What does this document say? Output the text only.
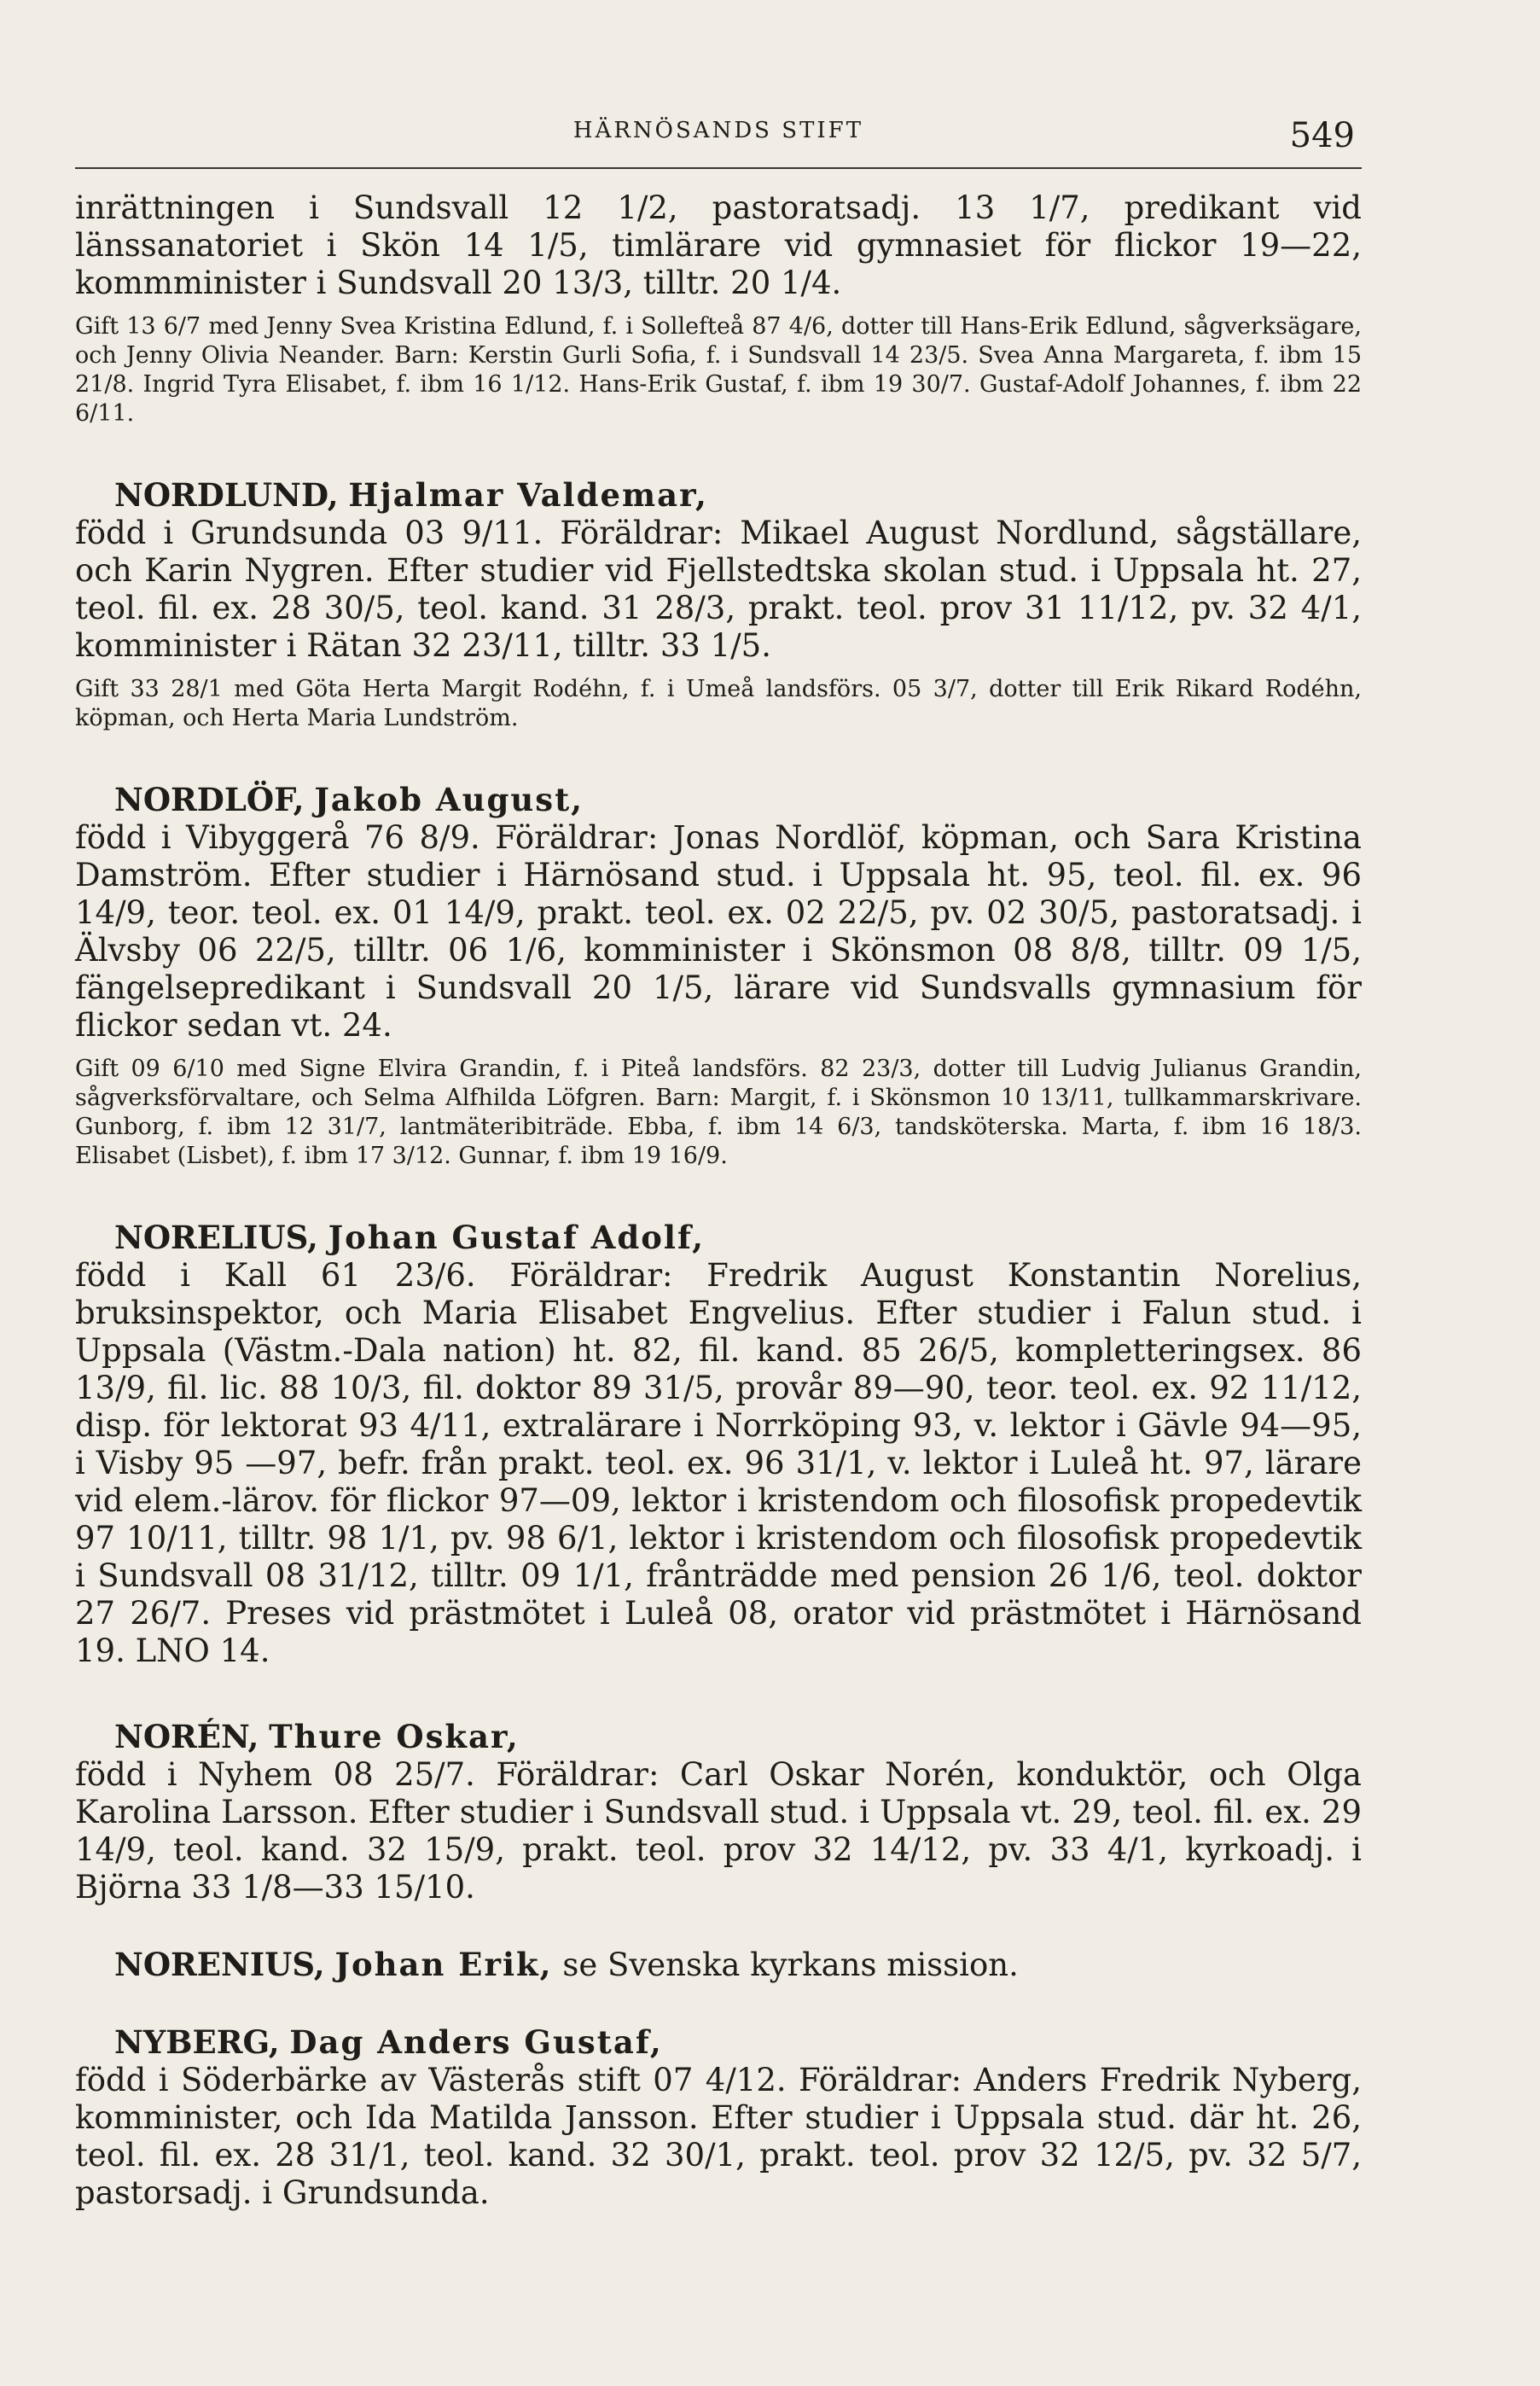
HÄRNÖSANDS STIFT	549

inrättningen i Sundsvall 12 1/2, pastoratsadj. 13 1/7, predikant vid länssanatoriet i Skön 14 1/5, timlärare vid gymnasiet för flickor 19—22, kommminister i Sundsvall 20 13/3, tilltr. 20 1/4.

Gift 13 6/7 med Jenny Svea Kristina Edlund, f. i Sollefteå 87 4/6, dotter till Hans-Erik Edlund, sågverksägare, och Jenny Olivia Neander. Barn: Kerstin Gurli Sofia, f. i Sundsvall 14 23/5. Svea Anna Margareta, f. ibm 15 21/8. Ingrid Tyra Elisabet, f. ibm 16 1/12. Hans-Erik Gustaf, f. ibm 19 30/7. Gustaf-Adolf Johannes, f. ibm 22 6/11.

NORDLUND, Hjalmar Valdemar,

född i Grundsunda 03 9/11. Föräldrar: Mikael August Nordlund, sågställare, och Karin Nygren. Efter studier vid Fjellstedtska skolan stud. i Uppsala ht. 27, teol. fil. ex. 28 30/5, teol. kand. 31 28/3, prakt. teol. prov 31 11/12, pv. 32 4/1, komminister i Rätan 32 23/11, tilltr. 33 1/5.

Gift 33 28/1 med Göta Herta Margit Rodéhn, f. i Umeå landsförs. 05 3/7, dotter till Erik Rikard Rodéhn, köpman, och Herta Maria Lundström.

NORDLÖF, Jakob August,

född i Vibyggerå 76 8/9. Föräldrar: Jonas Nordlöf, köpman, och Sara Kristina Damström. Efter studier i Härnösand stud. i Uppsala ht. 95, teol. fil. ex. 96 14/9, teor. teol. ex. 01 14/9, prakt. teol. ex. 02 22/5, pv. 02 30/5, pastoratsadj. i Älvsby 06 22/5, tilltr. 06 1/6, komminister i Skönsmon 08 8/8, tilltr. 09 1/5, fängelsepredikant i Sundsvall 20 1/5, lärare vid Sundsvalls gymnasium för flickor sedan vt. 24.

Gift 09 6/10 med Signe Elvira Grandin, f. i Piteå landsförs. 82 23/3, dotter till Ludvig Julianus Grandin, sågverksförvaltare, och Selma Alfhilda Löfgren. Barn: Margit, f. i Skönsmon 10 13/11, tullkammarskrivare. Gunborg, f. ibm 12 31/7, lantmäteribiträde. Ebba, f. ibm 14 6/3, tandsköterska. Marta, f. ibm 16 18/3. Elisabet (Lisbet), f. ibm 17 3/12. Gunnar, f. ibm 19 16/9.

NORELIUS, Johan Gustaf Adolf,

född i Kall 61 23/6. Föräldrar: Fredrik August Konstantin Norelius, bruksinspektor, och Maria Elisabet Engvelius. Efter studier i Falun stud. i Uppsala (Västm.-Dala nation) ht. 82, fil. kand. 85 26/5, kompletteringsex. 86 13/9, fil. lic. 88 10/3, fil. doktor 89 31/5, provår 89—90, teor. teol. ex. 92 11/12, disp. för lektorat 93 4/11, extralärare i Norrköping 93, v. lektor i Gävle 94—95, i Visby 95 —97, befr. från prakt. teol. ex. 96 31/1, v. lektor i Luleå ht. 97, lärare vid elem.-lärov. för flickor 97—09, lektor i kristendom och filosofisk propedevtik 97 10/11, tilltr. 98 1/1, pv. 98 6/1, lektor i kristendom och filosofisk propedevtik i Sundsvall 08 31/12, tilltr. 09 1/1, frånträdde med pension 26 1/6, teol. doktor 27 26/7. Preses vid prästmötet i Luleå 08, orator vid prästmötet i Härnösand 19. LNO 14.

NORÉN, Thure Oskar,

född i Nyhem 08 25/7. Föräldrar: Carl Oskar Norén, konduktör, och Olga Karolina Larsson. Efter studier i Sundsvall stud. i Uppsala vt. 29, teol. fil. ex. 29 14/9, teol. kand. 32 15/9, prakt. teol. prov 32 14/12, pv. 33 4/1, kyrkoadj. i Björna 33 1/8—33 15/10.

NORENIUS, Johan Erik, se Svenska kyrkans mission.

NYBERG, Dag Anders Gustaf,

född i Söderbärke av Västerås stift 07 4/12. Föräldrar: Anders Fredrik Nyberg, komminister, och Ida Matilda Jansson. Efter studier i Uppsala stud. där ht. 26, teol. fil. ex. 28 31/1, teol. kand. 32 30/1, prakt. teol. prov 32 12/5, pv. 32 5/7, pastorsadj. i Grundsunda.
